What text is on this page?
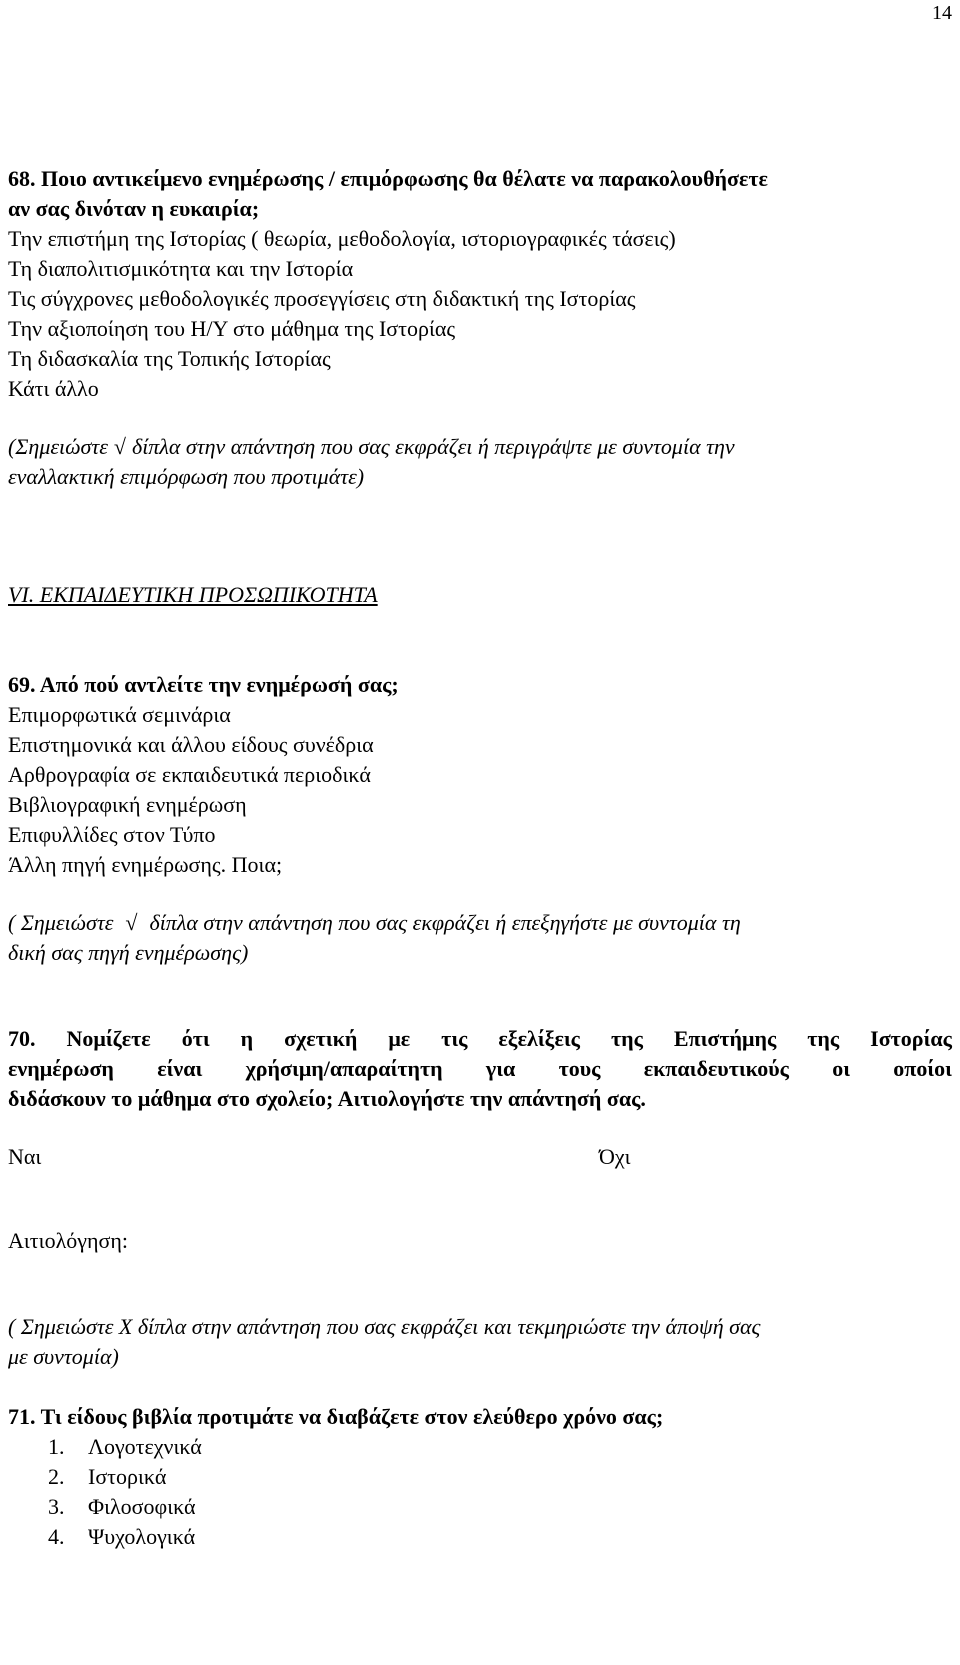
14
68. Ποιο αντικείμενο ενημέρωσης / επιμόρφωσης θα θέλατε να παρακολουθήσετε
αν σας δινόταν η ευκαιρία;
Την επιστήμη της Ιστορίας ( θεωρία, μεθοδολογία, ιστοριογραφικές τάσεις)
Τη διαπολιτισμικότητα και την Ιστορία
Τις σύγχρονες μεθοδολογικές προσεγγίσεις στη διδακτική της Ιστορίας
Την αξιοποίηση του Η/Υ στο μάθημα της Ιστορίας
Τη διδασκαλία της Τοπικής Ιστορίας
Κάτι άλλο
(Σημειώστε √ δίπλα στην απάντηση που σας εκφράζει ή περιγράψτε με συντομία την
εναλλακτική επιμόρφωση που προτιμάτε)
VI. ΕΚΠΑΙΔΕΥΤΙΚΗ ΠΡΟΣΩΠΙΚΟΤΗΤΑ
69. Από πού αντλείτε την ενημέρωσή σας;
Επιμορφωτικά σεμινάρια
Επιστημονικά και άλλου είδους συνέδρια
Αρθρογραφία σε εκπαιδευτικά περιοδικά
Βιβλιογραφική ενημέρωση
Επιφυλλίδες στον Τύπο
Άλλη πηγή ενημέρωσης. Ποια;
( Σημειώστε √ δίπλα στην απάντηση που σας εκφράζει ή επεξηγήστε με συντομία τη
δική σας πηγή ενημέρωσης)
70. Νομίζετε ότι η σχετική με τις εξελίξεις της Επιστήμης της Ιστορίας
ενημέρωση είναι χρήσιμη/απαραίτητη για τους εκπαιδευτικούς οι οποίοι
διδάσκουν το μάθημα στο σχολείο; Αιτιολογήστε την απάντησή σας.
Ναι	Όχι
Αιτιολόγηση:
( Σημειώστε Χ δίπλα στην απάντηση που σας εκφράζει και τεκμηριώστε την άποψή σας
με συντομία)
71. Τι είδους βιβλία προτιμάτε να διαβάζετε στον ελεύθερο χρόνο σας;
1. Λογοτεχνικά
2. Ιστορικά
3. Φιλοσοφικά
4. Ψυχολογικά
